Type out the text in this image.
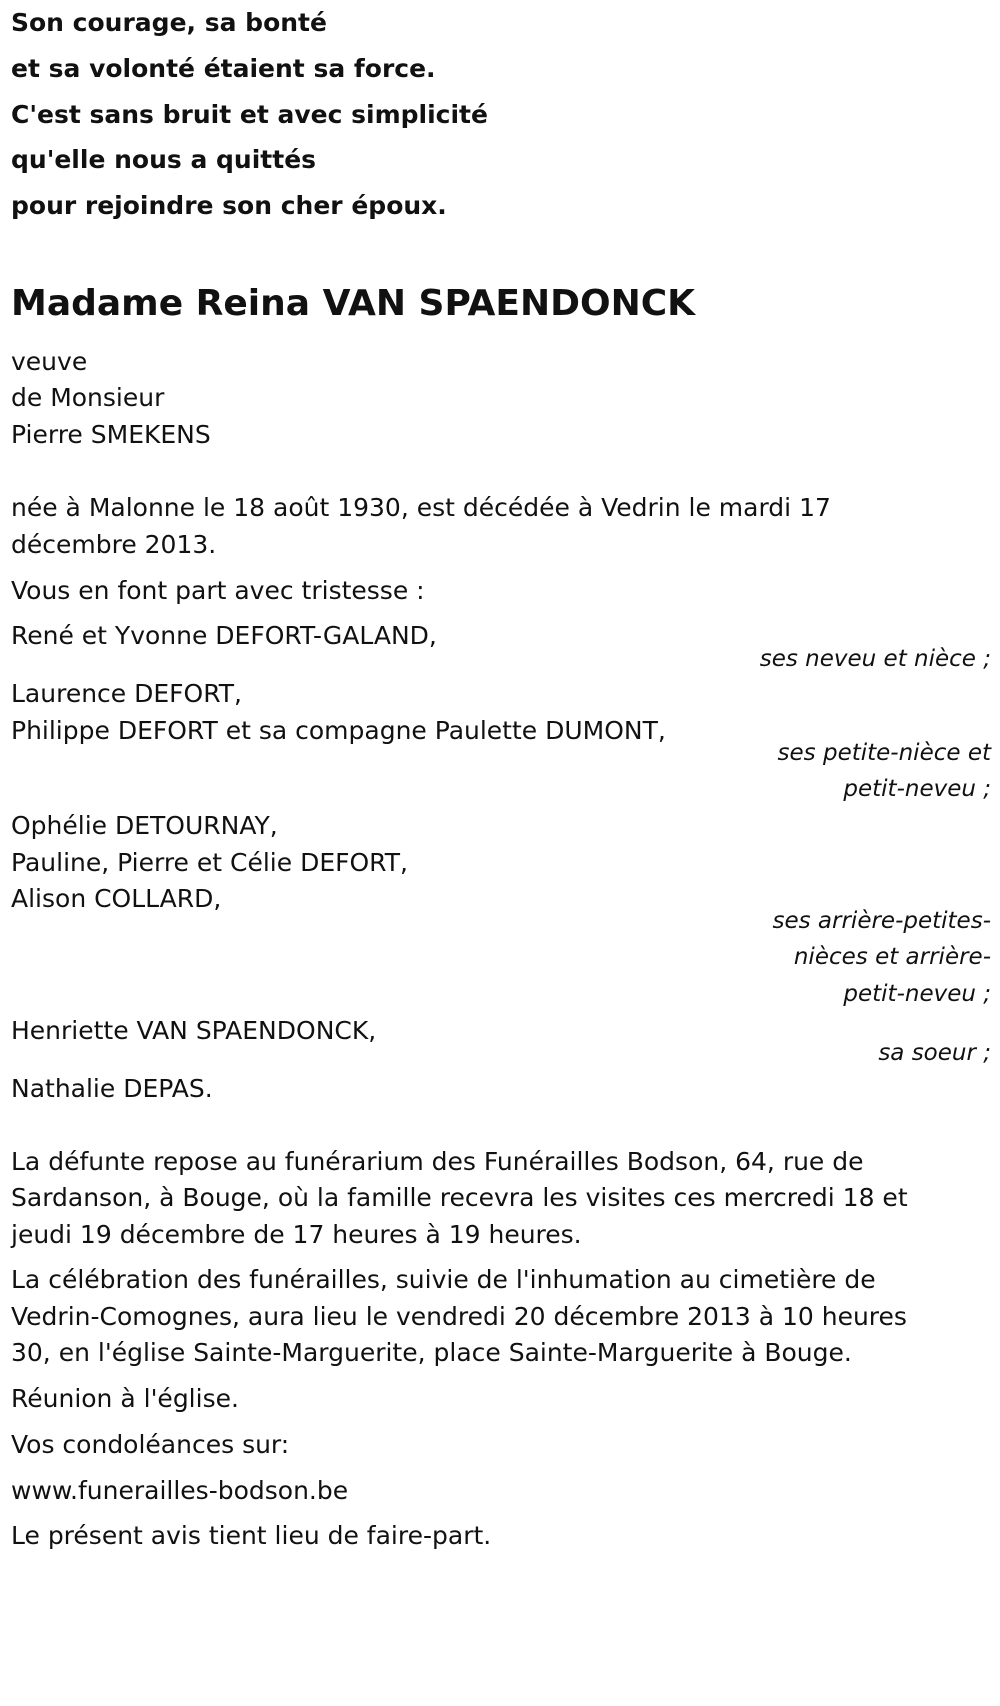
Son courage, sa bonté

et sa volonté étaient sa force.

C'est sans bruit et avec simplicité

qu'elle nous a quittés

pour rejoindre son cher époux.

Madame Reina VAN SPAENDONCK

veuve

de Monsieur

Pierre SMEKENS

née à Malonne le 18 août 1930, est décédée à Vedrin le mardi 17

décembre 2013.

Vous en font part avec tristesse :

René et Yvonne DEFORT-GALAND,

ses neveu et nièce ;

Laurence DEFORT,

Philippe DEFORT et sa compagne Paulette DUMONT,

ses petite-nièce et

petit-neveu ;

Ophélie DETOURNAY,

Pauline, Pierre et Célie DEFORT,

Alison COLLARD,

ses arrière-petites-

nièces et arrière-

petit-neveu ;

Henriette VAN SPAENDONCK,

sa soeur ;

Nathalie DEPAS.

La défunte repose au funérarium des Funérailles Bodson, 64, rue de

Sardanson, à Bouge, où la famille recevra les visites ces mercredi 18 et

jeudi 19 décembre de 17 heures à 19 heures.

La célébration des funérailles, suivie de l'inhumation au cimetière de

Vedrin-Comognes, aura lieu le vendredi 20 décembre 2013 à 10 heures

30, en l'église Sainte-Marguerite, place Sainte-Marguerite à Bouge.

Réunion à l'église.

Vos condoléances sur:

www.funerailles-bodson.be

Le présent avis tient lieu de faire-part.
